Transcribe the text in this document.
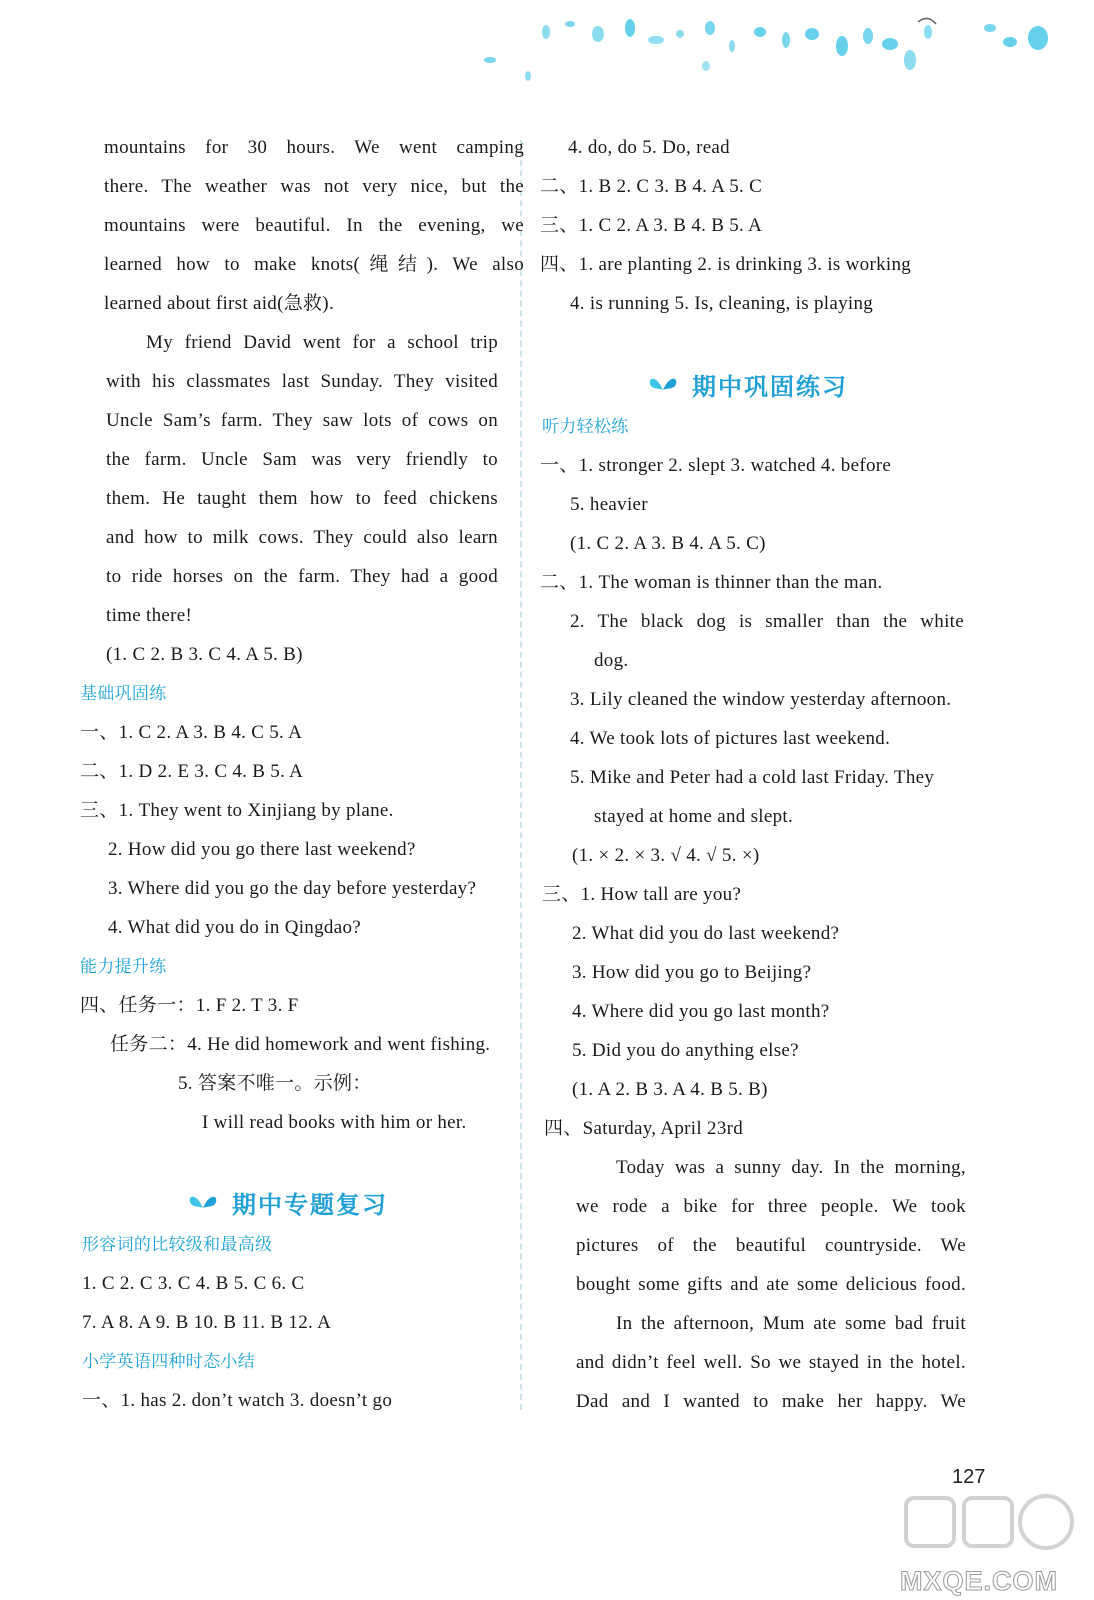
mountains for 30 hours. We went camping
there. The weather was not very nice, but the
mountains were beautiful. In the evening, we
learned how to make knots(绳结). We also
learned about first aid(急救).
My friend David went for a school trip
with his classmates last Sunday. They visited
Uncle Sam’s farm. They saw lots of cows on
the farm. Uncle Sam was very friendly to
them. He taught them how to feed chickens
and how to milk cows. They could also learn
to ride horses on the farm. They had a good
time there!
(1. C 2. B 3. C 4. A 5. B)
基础巩固练
一、1. C 2. A 3. B 4. C 5. A
二、1. D 2. E 3. C 4. B 5. A
三、1. They went to Xinjiang by plane.
2. How did you go there last weekend?
3. Where did you go the day before yesterday?
4. What did you do in Qingdao?
能力提升练
四、任务一：1. F 2. T 3. F
任务二：4. He did homework and went fishing.
5. 答案不唯一。示例：
I will read books with him or her.
期中专题复习
形容词的比较级和最高级
1. C 2. C 3. C 4. B 5. C 6. C
7. A 8. A 9. B 10. B 11. B 12. A
小学英语四种时态小结
一、1. has 2. don’t watch 3. doesn’t go
4. do, do 5. Do, read
二、1. B 2. C 3. B 4. A 5. C
三、1. C 2. A 3. B 4. B 5. A
四、1. are planting 2. is drinking 3. is working
4. is running 5. Is, cleaning, is playing
期中巩固练习
听力轻松练
一、1. stronger 2. slept 3. watched 4. before
5. heavier
(1. C 2. A 3. B 4. A 5. C)
二、1. The woman is thinner than the man.
2. The black dog is smaller than the white
dog.
3. Lily cleaned the window yesterday afternoon.
4. We took lots of pictures last weekend.
5. Mike and Peter had a cold last Friday. They
stayed at home and slept.
(1. × 2. × 3. √ 4. √ 5. ×)
三、1. How tall are you?
2. What did you do last weekend?
3. How did you go to Beijing?
4. Where did you go last month?
5. Did you do anything else?
(1. A 2. B 3. A 4. B 5. B)
四、Saturday, April 23rd
Today was a sunny day. In the morning,
we rode a bike for three people. We took
pictures of the beautiful countryside. We
bought some gifts and ate some delicious food.
In the afternoon, Mum ate some bad fruit
and didn’t feel well. So we stayed in the hotel.
Dad and I wanted to make her happy. We
127
MXQE.COM
